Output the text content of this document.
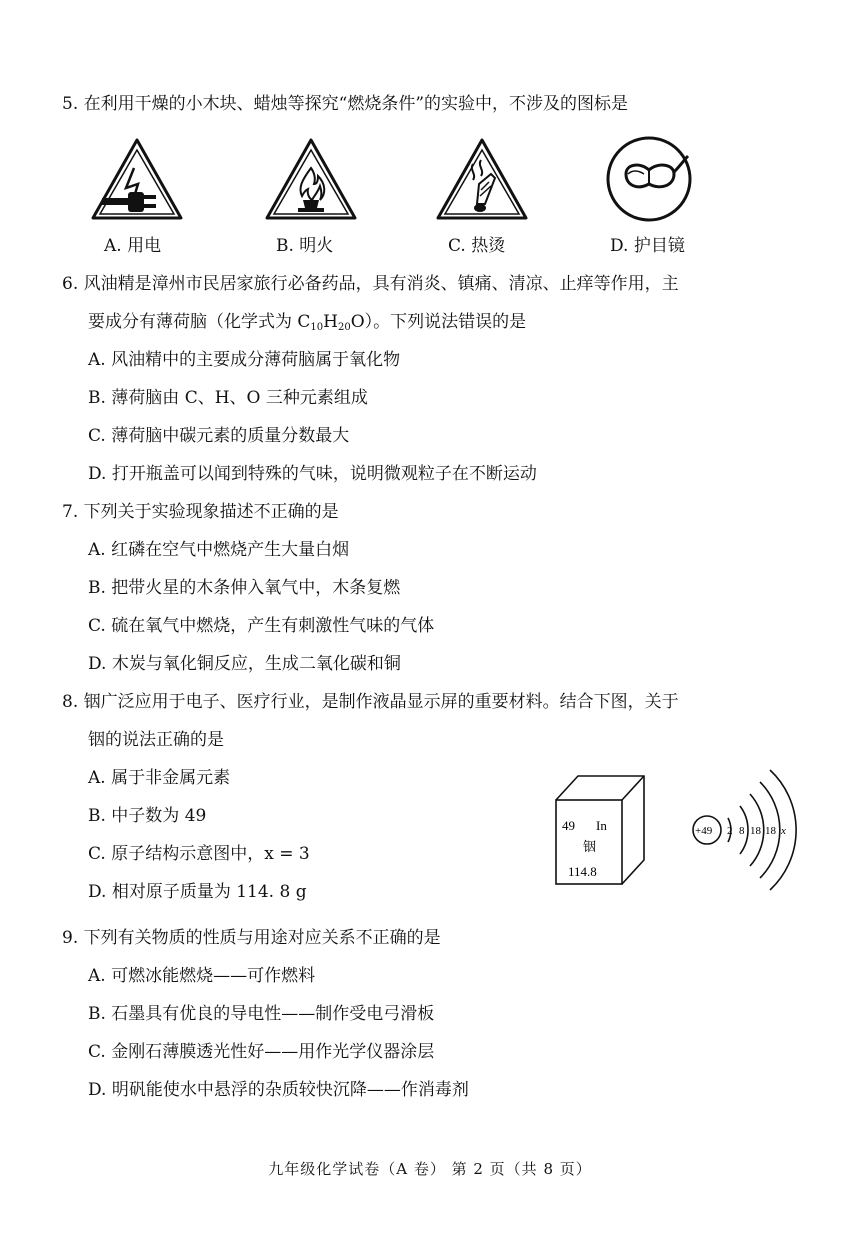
5. 在利用干燥的小木块、蜡烛等探究“燃烧条件”的实验中，不涉及的图标是
A. 用电	B. 明火	C. 热烫	D. 护目镜
6. 风油精是漳州市民居家旅行必备药品，具有消炎、镇痛、清凉、止痒等作用，主
要成分有薄荷脑（化学式为 $C_{10}H_{20}O$）。下列说法错误的是
A. 风油精中的主要成分薄荷脑属于氧化物
B. 薄荷脑由 C、H、O 三种元素组成
C. 薄荷脑中碳元素的质量分数最大
D. 打开瓶盖可以闻到特殊的气味，说明微观粒子在不断运动
7. 下列关于实验现象描述不正确的是
A. 红磷在空气中燃烧产生大量白烟
B. 把带火星的木条伸入氧气中，木条复燃
C. 硫在氧气中燃烧，产生有刺激性气味的气体
D. 木炭与氧化铜反应，生成二氧化碳和铜
8. 铟广泛应用于电子、医疗行业，是制作液晶显示屏的重要材料。结合下图，关于
铟的说法正确的是
A. 属于非金属元素
B. 中子数为 49
C. 原子结构示意图中，x = 3
D. 相对原子质量为 114. 8 g
49 In
铟
114.8
+49 2 8 18 18 x
9. 下列有关物质的性质与用途对应关系不正确的是
A. 可燃冰能燃烧——可作燃料
B. 石墨具有优良的导电性——制作受电弓滑板
C. 金刚石薄膜透光性好——用作光学仪器涂层
D. 明矾能使水中悬浮的杂质较快沉降——作消毒剂
九年级化学试卷（A 卷） 第 2 页（共 8 页）
